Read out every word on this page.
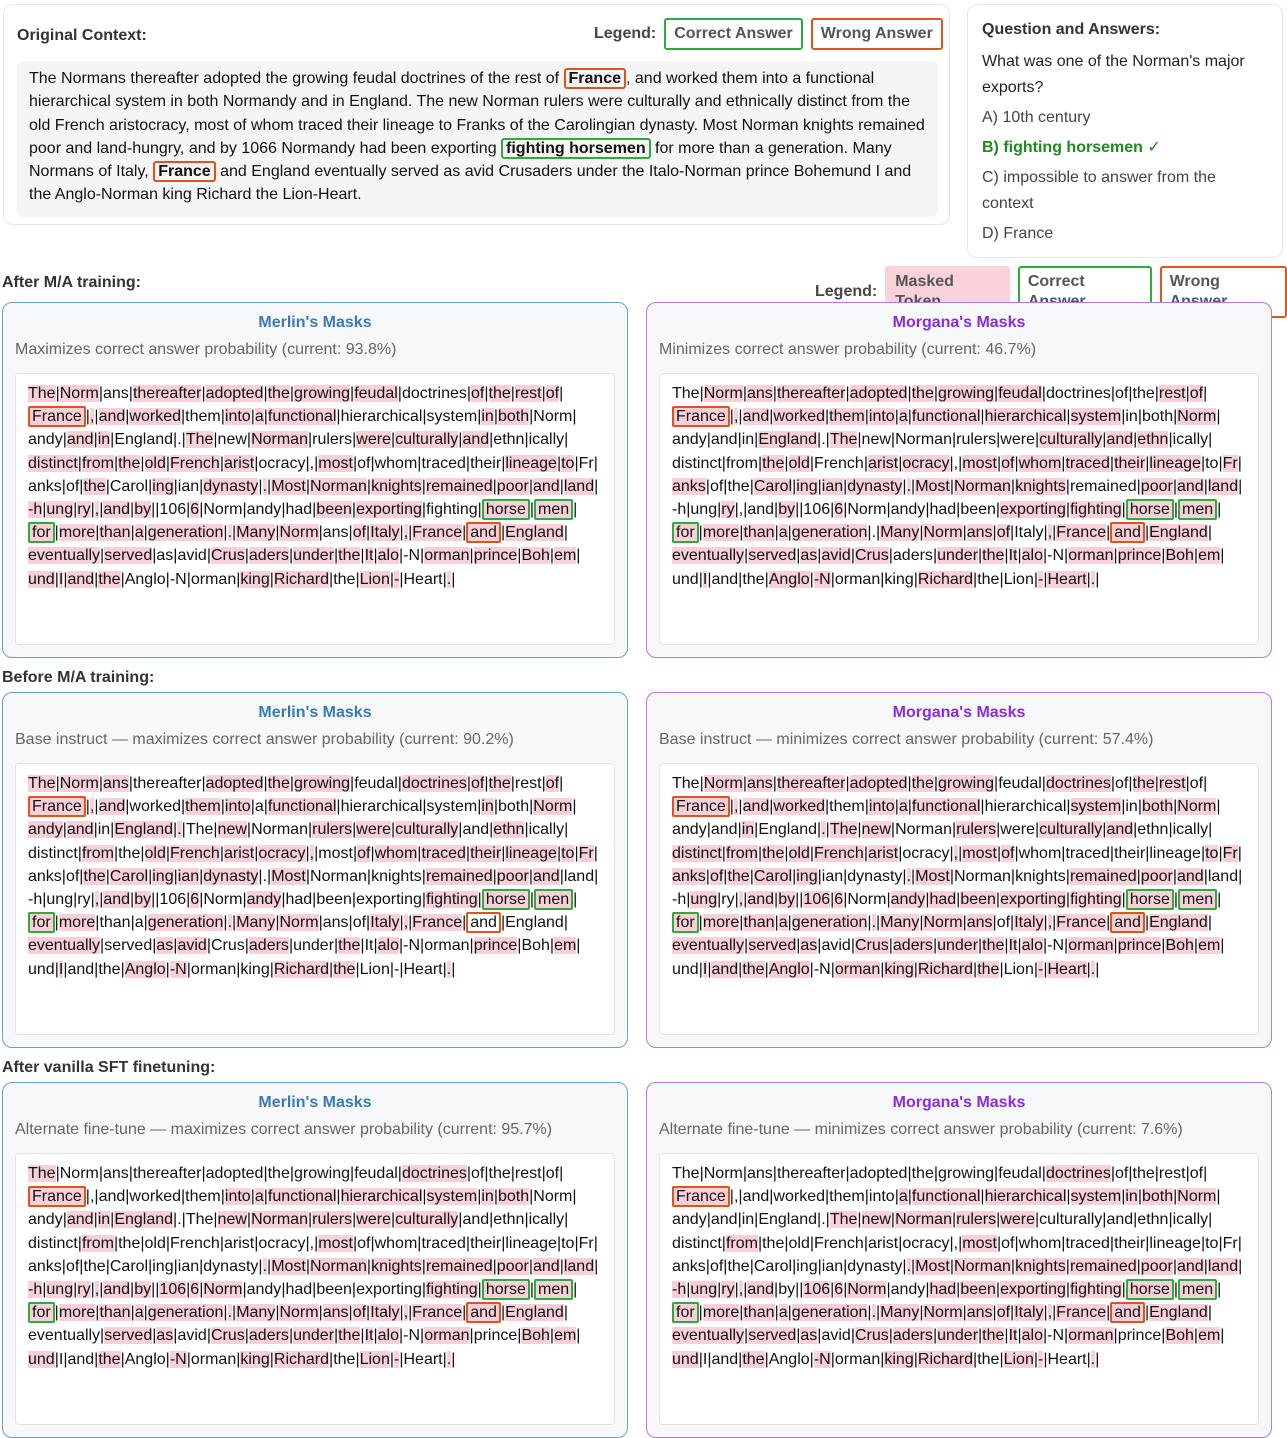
Original Context:	Legend:	Correct Answer	Wrong Answer
The Normans thereafter adopted the growing feudal doctrines of the rest of France , and worked them into a functional hierarchical system in both Normandy and in England. The new Norman rulers were culturally and ethnically distinct from the old French aristocracy, most of whom traced their lineage to Franks of the Carolingian dynasty. Most Norman knights remained poor and land-hungry, and by 1066 Normandy had been exporting fighting horsemen for more than a generation. Many Normans of Italy, France and England eventually served as avid Crusaders under the Italo-Norman prince Bohemund I and the Anglo-Norman king Richard the Lion-Heart.
Question and Answers:
What was one of the Norman's major exports?
A) 10th century
B) fighting horsemen ✓
C) impossible to answer from the context
D) France
After M/A training:
Legend:
Masked	Correct	Wrong
Merlin's Masks
Maximizes correct answer probability (current: 93.8%)
The|​Norm|​ans|​thereafter|​adopted|​the|​growing|​feudal|​doctrines|​of|​the|​rest|​of|​France |​,|​and|​worked|​them|​into|​a|​functional|​hierarchical|​system|​in|​both|​Norm|​andy|​and|​in|​England|​.|​The|​new|​Norman|​rulers|​were|​culturally|​and|​ethn|​ically|​distinct|​from|​the|​old|​French|​arist|​ocracy|​,|​most|​of|​whom|​traced|​their|​lineage|​to|​Fr|​anks|​of|​the|​Carol|​ing|​ian|​dynasty|​.|​Most|​Norman|​knights|​remained|​poor|​and|​land|​-h|​ung|​ry|​,|​and|​by|​|​106|​6|​Norm|​andy|​had|​been|​exporting|​fighting|​ horse |​ men |​for |​more|​than|​a|​generation|​.|​Many|​Norm|​ans|​of|​Italy|​,|​France|​ and |​England|​eventually|​served|​as|​avid|​Crus|​aders|​under|​the|​It|​alo|​-N|​orman|​prince|​Boh|​em|​und|​I|​and|​the|​Anglo|​-N|​orman|​king|​Richard|​the|​Lion|​-|​Heart|​.|
Morgana's Masks
Minimizes correct answer probability (current: 46.7%)
The|​Norm|​ans|​thereafter|​adopted|​the|​growing|​feudal|​doctrines|​of|​the|​rest|​of|​France |​,|​and|​worked|​them|​into|​a|​functional|​hierarchical|​system|​in|​both|​Norm|​andy|​and|​in|​England|​.|​The|​new|​Norman|​rulers|​were|​culturally|​and|​ethn|​ically|​distinct|​from|​the|​old|​French|​arist|​ocracy|​,|​most|​of|​whom|​traced|​their|​lineage|​to|​Fr|​anks|​of|​the|​Carol|​ing|​ian|​dynasty|​.|​Most|​Norman|​knights|​remained|​poor|​and|​land|​-h|​ung|​ry|​,|​and|​by|​|​106|​6|​Norm|​andy|​had|​been|​exporting|​fighting|​ horse |​ men |​for |​more|​than|​a|​generation|​.|​Many|​Norm|​ans|​of|​Italy|​,|​France|​ and |​England|​eventually|​served|​as|​avid|​Crus|​aders|​under|​the|​It|​alo|​-N|​orman|​prince|​Boh|​em|​und|​I|​and|​the|​Anglo|​-N|​orman|​king|​Richard|​the|​Lion|​-|​Heart|​.|
Before M/A training:
Merlin's Masks
Base instruct — maximizes correct answer probability (current: 90.2%)
The|​Norm|​ans|​thereafter|​adopted|​the|​growing|​feudal|​doctrines|​of|​the|​rest|​of|​France |​,|​and|​worked|​them|​into|​a|​functional|​hierarchical|​system|​in|​both|​Norm|​andy|​and|​in|​England|​.|​The|​new|​Norman|​rulers|​were|​culturally|​and|​ethn|​ically|​distinct|​from|​the|​old|​French|​arist|​ocracy|​,|​most|​of|​whom|​traced|​their|​lineage|​to|​Fr|​anks|​of|​the|​Carol|​ing|​ian|​dynasty|​.|​Most|​Norman|​knights|​remained|​poor|​and|​land|​-h|​ung|​ry|​,|​and|​by|​|​106|​6|​Norm|​andy|​had|​been|​exporting|​fighting|​ horse |​ men |​for |​more|​than|​a|​generation|​.|​Many|​Norm|​ans|​of|​Italy|​,|​France|​ and |​England|​eventually|​served|​as|​avid|​Crus|​aders|​under|​the|​It|​alo|​-N|​orman|​prince|​Boh|​em|​und|​I|​and|​the|​Anglo|​-N|​orman|​king|​Richard|​the|​Lion|​-|​Heart|​.|
Morgana's Masks
Base instruct — minimizes correct answer probability (current: 57.4%)
The|​Norm|​ans|​thereafter|​adopted|​the|​growing|​feudal|​doctrines|​of|​the|​rest|​of|​France |​,|​and|​worked|​them|​into|​a|​functional|​hierarchical|​system|​in|​both|​Norm|​andy|​and|​in|​England|​.|​The|​new|​Norman|​rulers|​were|​culturally|​and|​ethn|​ically|​distinct|​from|​the|​old|​French|​arist|​ocracy|​,|​most|​of|​whom|​traced|​their|​lineage|​to|​Fr|​anks|​of|​the|​Carol|​ing|​ian|​dynasty|​.|​Most|​Norman|​knights|​remained|​poor|​and|​land|​-h|​ung|​ry|​,|​and|​by|​|​106|​6|​Norm|​andy|​had|​been|​exporting|​fighting|​ horse |​ men |​for |​more|​than|​a|​generation|​.|​Many|​Norm|​ans|​of|​Italy|​,|​France|​ and |​England|​eventually|​served|​as|​avid|​Crus|​aders|​under|​the|​It|​alo|​-N|​orman|​prince|​Boh|​em|​und|​I|​and|​the|​Anglo|​-N|​orman|​king|​Richard|​the|​Lion|​-|​Heart|​.|
After vanilla SFT finetuning:
Merlin's Masks
Alternate fine-tune — maximizes correct answer probability (current: 95.7%)
The|​Norm|​ans|​thereafter|​adopted|​the|​growing|​feudal|​doctrines|​of|​the|​rest|​of|​France |​,|​and|​worked|​them|​into|​a|​functional|​hierarchical|​system|​in|​both|​Norm|​andy|​and|​in|​England|​.|​The|​new|​Norman|​rulers|​were|​culturally|​and|​ethn|​ically|​distinct|​from|​the|​old|​French|​arist|​ocracy|​,|​most|​of|​whom|​traced|​their|​lineage|​to|​Fr|​anks|​of|​the|​Carol|​ing|​ian|​dynasty|​.|​Most|​Norman|​knights|​remained|​poor|​and|​land|​-h|​ung|​ry|​,|​and|​by|​|​106|​6|​Norm|​andy|​had|​been|​exporting|​fighting|​ horse |​ men |​for |​more|​than|​a|​generation|​.|​Many|​Norm|​ans|​of|​Italy|​,|​France|​ and |​England|​eventually|​served|​as|​avid|​Crus|​aders|​under|​the|​It|​alo|​-N|​orman|​prince|​Boh|​em|​und|​I|​and|​the|​Anglo|​-N|​orman|​king|​Richard|​the|​Lion|​-|​Heart|​.|
Morgana's Masks
Alternate fine-tune — minimizes correct answer probability (current: 7.6%)
The|​Norm|​ans|​thereafter|​adopted|​the|​growing|​feudal|​doctrines|​of|​the|​rest|​of|​France |​,|​and|​worked|​them|​into|​a|​functional|​hierarchical|​system|​in|​both|​Norm|​andy|​and|​in|​England|​.|​The|​new|​Norman|​rulers|​were|​culturally|​and|​ethn|​ically|​distinct|​from|​the|​old|​French|​arist|​ocracy|​,|​most|​of|​whom|​traced|​their|​lineage|​to|​Fr|​anks|​of|​the|​Carol|​ing|​ian|​dynasty|​.|​Most|​Norman|​knights|​remained|​poor|​and|​land|​-h|​ung|​ry|​,|​and|​by|​|​106|​6|​Norm|​andy|​had|​been|​exporting|​fighting|​ horse |​ men |​for |​more|​than|​a|​generation|​.|​Many|​Norm|​ans|​of|​Italy|​,|​France|​ and |​England|​eventually|​served|​as|​avid|​Crus|​aders|​under|​the|​It|​alo|​-N|​orman|​prince|​Boh|​em|​und|​I|​and|​the|​Anglo|​-N|​orman|​king|​Richard|​the|​Lion|​-|​Heart|​.|
